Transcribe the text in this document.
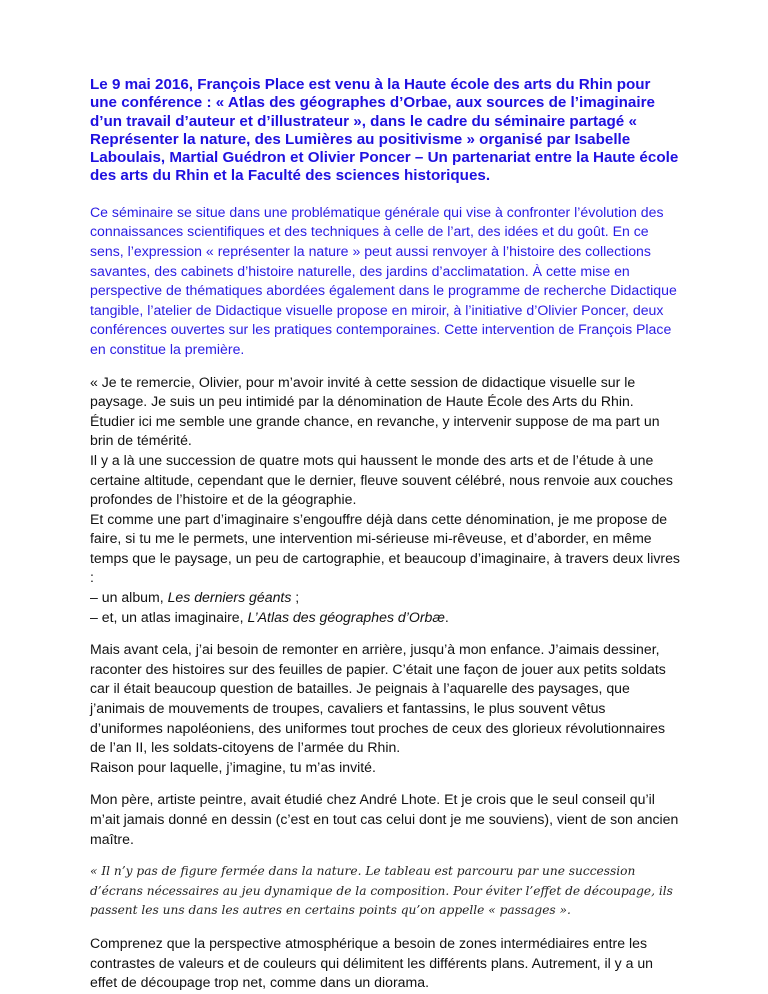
Le 9 mai 2016, François Place est venu à la Haute école des arts du Rhin pour une conférence : « Atlas des géographes d’Orbae, aux sources de l’imaginaire d’un travail d’auteur et d’illustrateur », dans le cadre du séminaire partagé « Représenter la nature, des Lumières au positivisme » organisé par Isabelle Laboulais, Martial Guédron et Olivier Poncer – Un partenariat entre la Haute école des arts du Rhin et la Faculté des sciences historiques.

Ce séminaire se situe dans une problématique générale qui vise à confronter l’évolution des connaissances scientifiques et des techniques à celle de l’art, des idées et du goût. En ce sens, l’expression « représenter la nature » peut aussi renvoyer à l’histoire des collections savantes, des cabinets d’histoire naturelle, des jardins d’acclimatation. À cette mise en perspective de thématiques abordées également dans le programme de recherche Didactique tangible, l’atelier de Didactique visuelle propose en miroir, à l’initiative d’Olivier Poncer, deux conférences ouvertes sur les pratiques contemporaines. Cette intervention de François Place en constitue la première.

« Je te remercie, Olivier, pour m’avoir invité à cette session de didactique visuelle sur le paysage. Je suis un peu intimidé par la dénomination de Haute École des Arts du Rhin. Étudier ici me semble une grande chance, en revanche, y intervenir suppose de ma part un brin de témérité.
Il y a là une succession de quatre mots qui haussent le monde des arts et de l’étude à une certaine altitude, cependant que le dernier, fleuve souvent célébré, nous renvoie aux couches profondes de l’histoire et de la géographie.
Et comme une part d’imaginaire s’engouffre déjà dans cette dénomination, je me propose de faire, si tu me le permets, une intervention mi-sérieuse mi-rêveuse, et d’aborder, en même temps que le paysage, un peu de cartographie, et beaucoup d’imaginaire, à travers deux livres :
– un album, Les derniers géants ;
– et, un atlas imaginaire, L’Atlas des géographes d’Orbæ.

Mais avant cela, j’ai besoin de remonter en arrière, jusqu’à mon enfance. J’aimais dessiner, raconter des histoires sur des feuilles de papier. C’était une façon de jouer aux petits soldats car il était beaucoup question de batailles. Je peignais à l’aquarelle des paysages, que j’animais de mouvements de troupes, cavaliers et fantassins, le plus souvent vêtus d’uniformes napoléoniens, des uniformes tout proches de ceux des glorieux révolutionnaires de l’an II, les soldats-citoyens de l’armée du Rhin.
Raison pour laquelle, j’imagine, tu m’as invité.

Mon père, artiste peintre, avait étudié chez André Lhote. Et je crois que le seul conseil qu’il m’ait jamais donné en dessin (c’est en tout cas celui dont je me souviens), vient de son ancien maître.

« Il n’y pas de figure fermée dans la nature. Le tableau est parcouru par une succession d’écrans nécessaires au jeu dynamique de la composition. Pour éviter l’effet de découpage, ils passent les uns dans les autres en certains points qu’on appelle « passages ».

Comprenez que la perspective atmosphérique a besoin de zones intermédiaires entre les contrastes de valeurs et de couleurs qui délimitent les différents plans. Autrement, il y a un effet de découpage trop net, comme dans un diorama.
